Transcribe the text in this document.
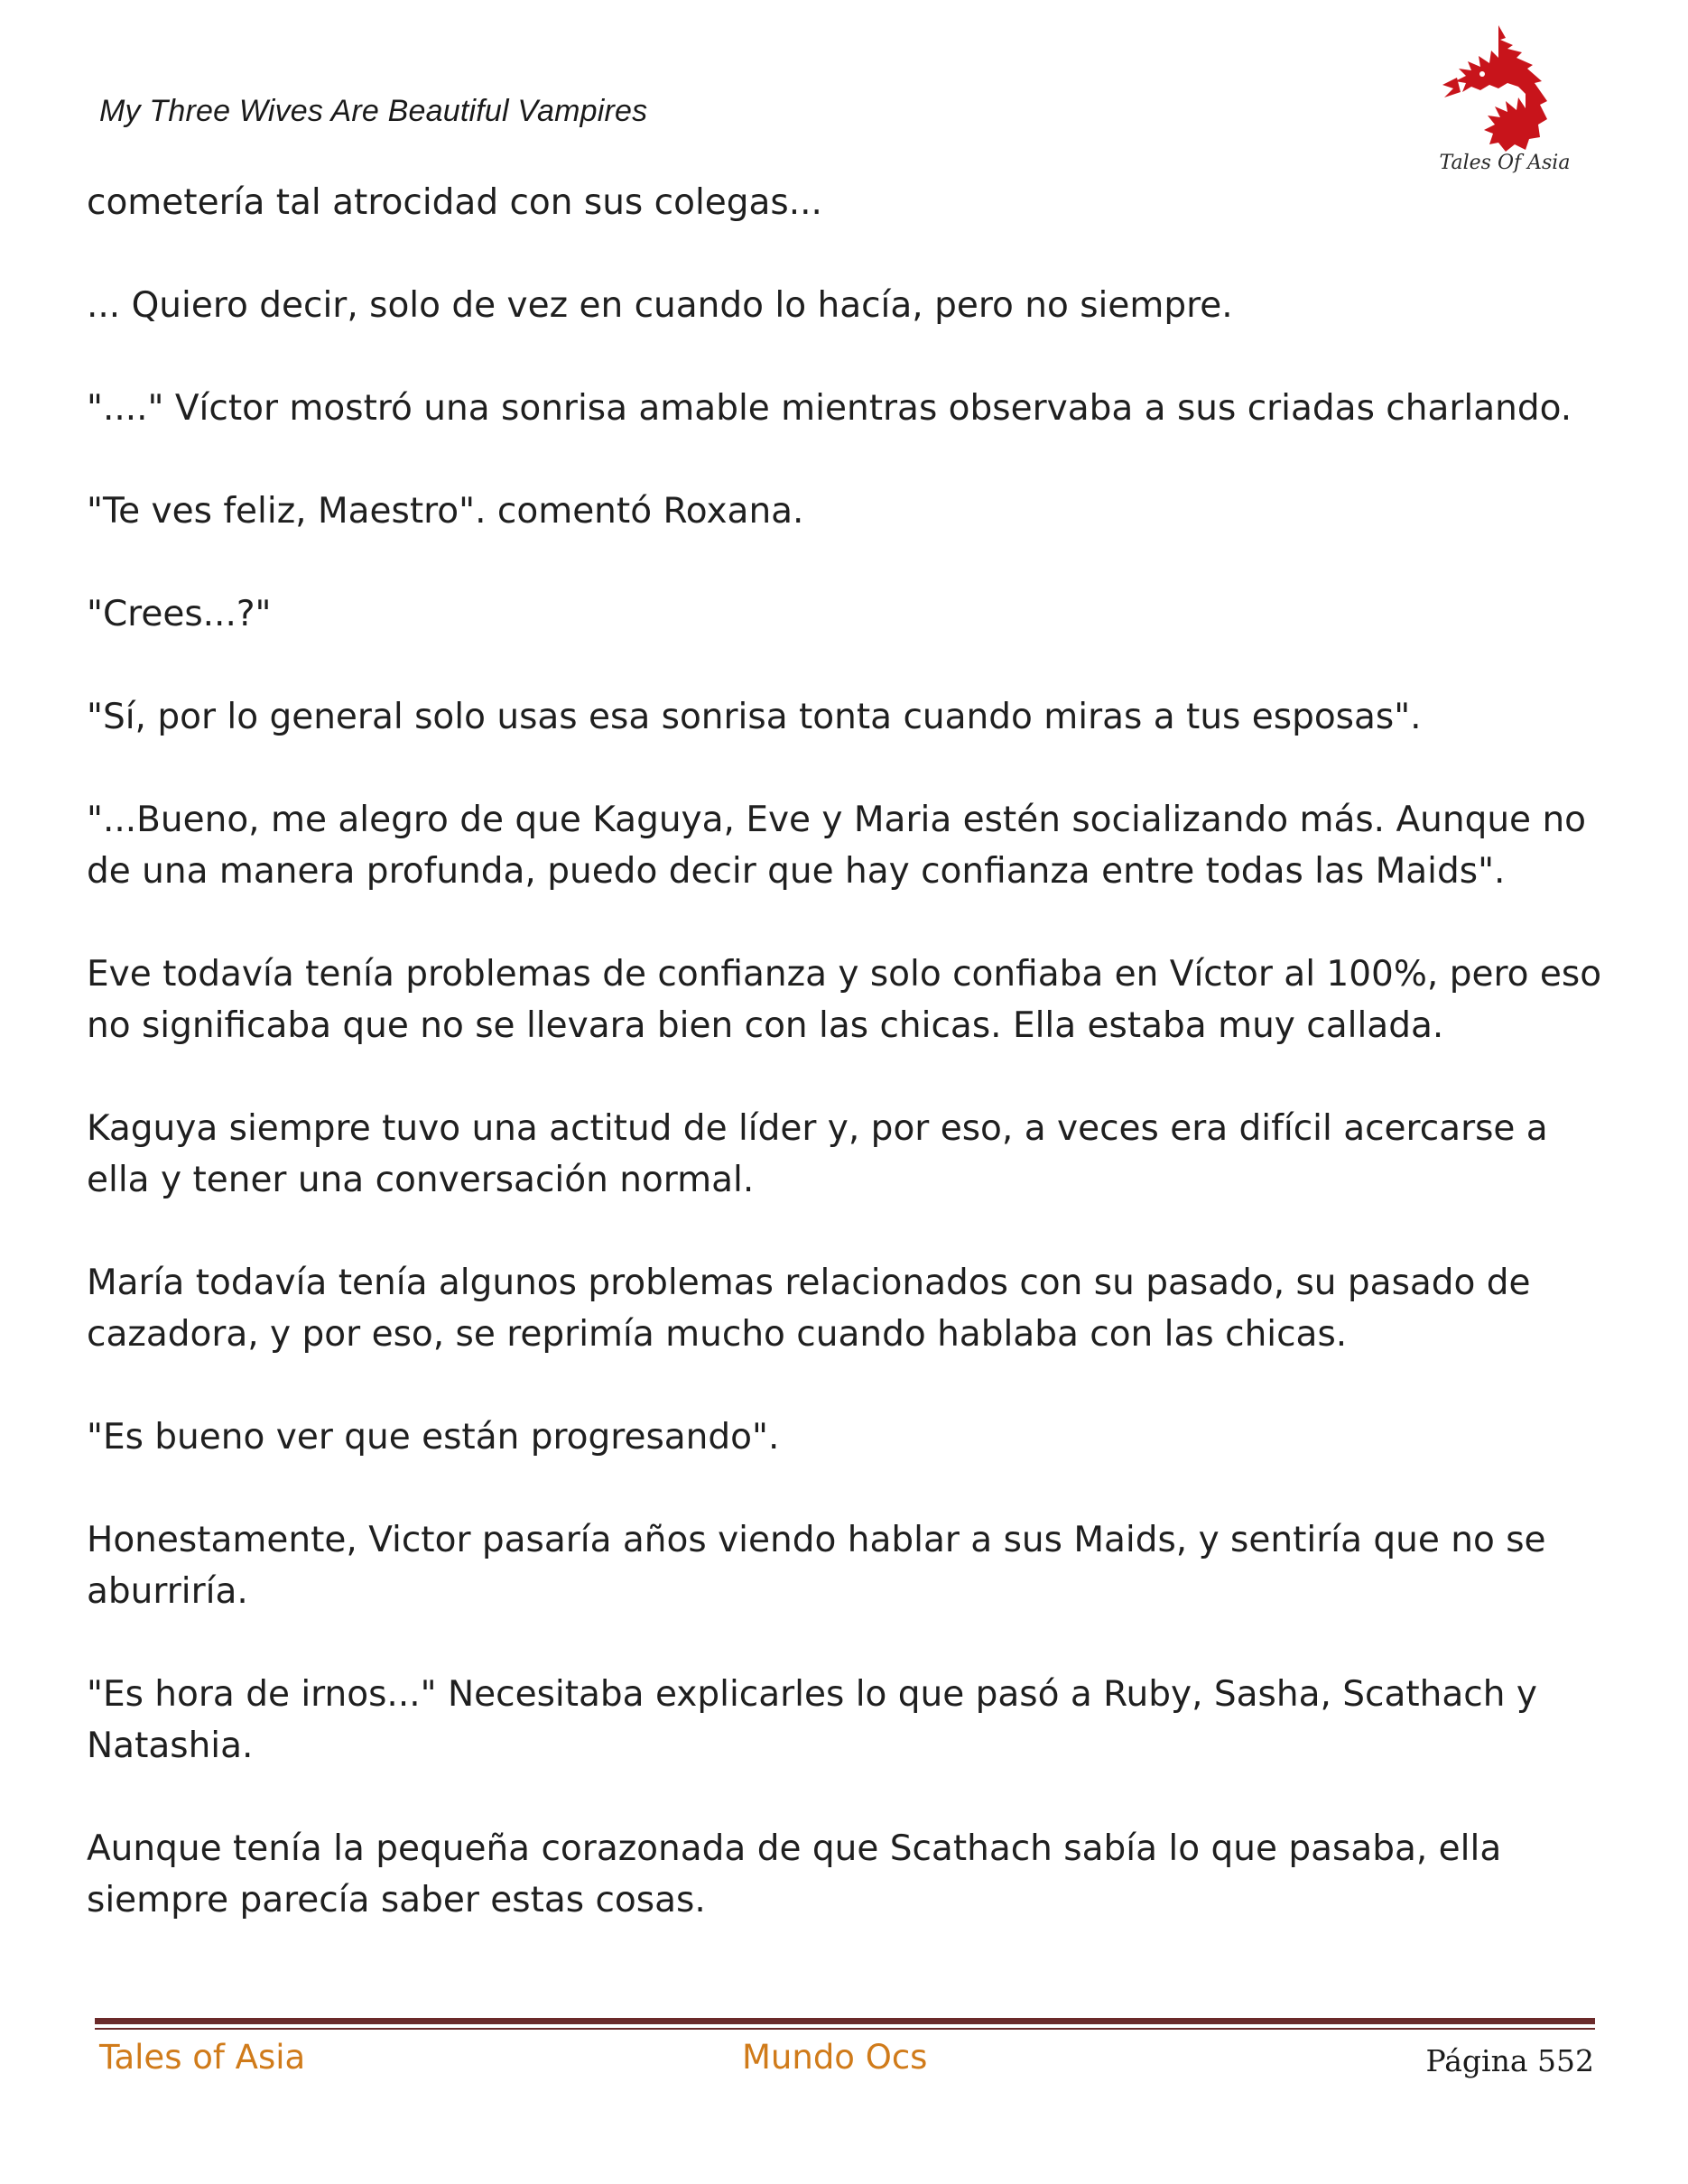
My Three Wives Are Beautiful Vampires
Tales Of Asia

cometería tal atrocidad con sus colegas...

... Quiero decir, solo de vez en cuando lo hacía, pero no siempre.

"...." Víctor mostró una sonrisa amable mientras observaba a sus criadas charlando.

"Te ves feliz, Maestro". comentó Roxana.

"Crees...?"

"Sí, por lo general solo usas esa sonrisa tonta cuando miras a tus esposas".

"...Bueno, me alegro de que Kaguya, Eve y Maria estén socializando más. Aunque no de una manera profunda, puedo decir que hay confianza entre todas las Maids".

Eve todavía tenía problemas de confianza y solo confiaba en Víctor al 100%, pero eso no significaba que no se llevara bien con las chicas. Ella estaba muy callada.

Kaguya siempre tuvo una actitud de líder y, por eso, a veces era difícil acercarse a ella y tener una conversación normal.

María todavía tenía algunos problemas relacionados con su pasado, su pasado de cazadora, y por eso, se reprimía mucho cuando hablaba con las chicas.

"Es bueno ver que están progresando".

Honestamente, Victor pasaría años viendo hablar a sus Maids, y sentiría que no se aburriría.

"Es hora de irnos..." Necesitaba explicarles lo que pasó a Ruby, Sasha, Scathach y Natashia.

Aunque tenía la pequeña corazonada de que Scathach sabía lo que pasaba, ella siempre parecía saber estas cosas.

Tales of Asia	Mundo Ocs	Página 552
